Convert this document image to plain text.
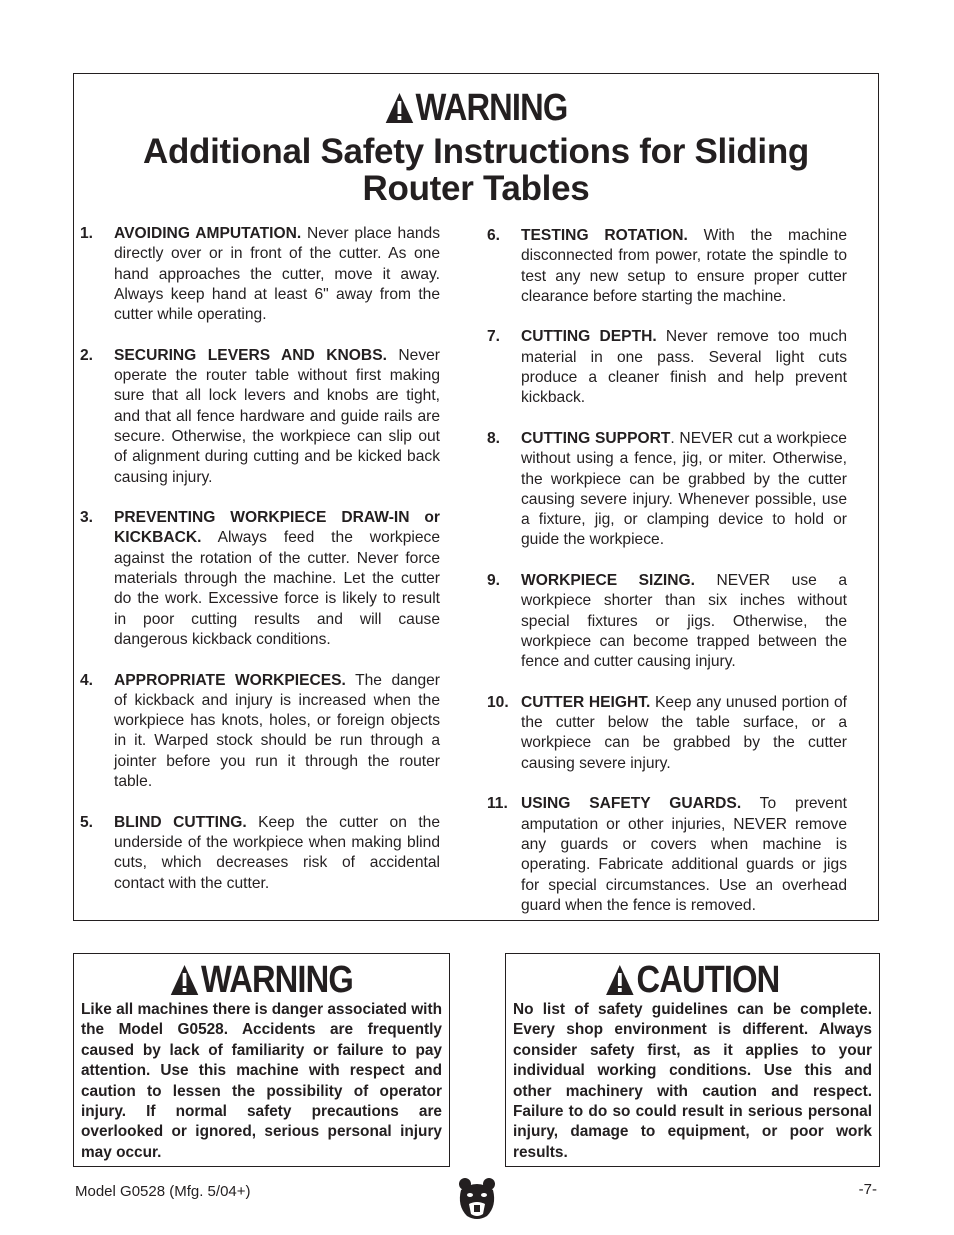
WARNING
Additional Safety Instructions for Sliding Router Tables
1.	AVOIDING AMPUTATION. Never place hands directly over or in front of the cutter. As one hand approaches the cutter, move it away. Always keep hand at least 6" away from the cutter while operating.
2.	SECURING LEVERS AND KNOBS. Never operate the router table without first making sure that all lock levers and knobs are tight, and that all fence hardware and guide rails are secure. Otherwise, the workpiece can slip out of alignment during cutting and be kicked back causing injury.
3.	PREVENTING WORKPIECE DRAW-IN or KICKBACK. Always feed the workpiece against the rotation of the cutter. Never force materials through the machine. Let the cutter do the work. Excessive force is likely to result in poor cutting results and will cause dangerous kickback conditions.
4.	APPROPRIATE WORKPIECES. The danger of kickback and injury is increased when the workpiece has knots, holes, or foreign objects in it. Warped stock should be run through a jointer before you run it through the router table.
5.	BLIND CUTTING. Keep the cutter on the underside of the workpiece when making blind cuts, which decreases risk of accidental contact with the cutter.
6.	TESTING ROTATION. With the machine disconnected from power, rotate the spindle to test any new setup to ensure proper cutter clearance before starting the machine.
7.	CUTTING DEPTH. Never remove too much material in one pass. Several light cuts produce a cleaner finish and help prevent kickback.
8.	CUTTING SUPPORT. NEVER cut a workpiece without using a fence, jig, or miter. Otherwise, the workpiece can be grabbed by the cutter causing severe injury. Whenever possible, use a fixture, jig, or clamping device to hold or guide the workpiece.
9.	WORKPIECE SIZING. NEVER use a workpiece shorter than six inches without special fixtures or jigs. Otherwise, the workpiece can become trapped between the fence and cutter causing injury.
10. CUTTER HEIGHT. Keep any unused portion of the cutter below the table surface, or a workpiece can be grabbed by the cutter causing severe injury.
11. USING SAFETY GUARDS. To prevent amputation or other injuries, NEVER remove any guards or covers when machine is operating. Fabricate additional guards or jigs for special circumstances. Use an overhead guard when the fence is removed.
WARNING
Like all machines there is danger associated with the Model G0528. Accidents are frequently caused by lack of familiarity or failure to pay attention. Use this machine with respect and caution to lessen the possibility of operator injury. If normal safety precautions are overlooked or ignored, serious personal injury may occur.
CAUTION
No list of safety guidelines can be complete. Every shop environment is different. Always consider safety first, as it applies to your individual working conditions. Use this and other machinery with caution and respect. Failure to do so could result in serious personal injury, damage to equipment, or poor work results.
Model G0528 (Mfg. 5/04+)	-7-
